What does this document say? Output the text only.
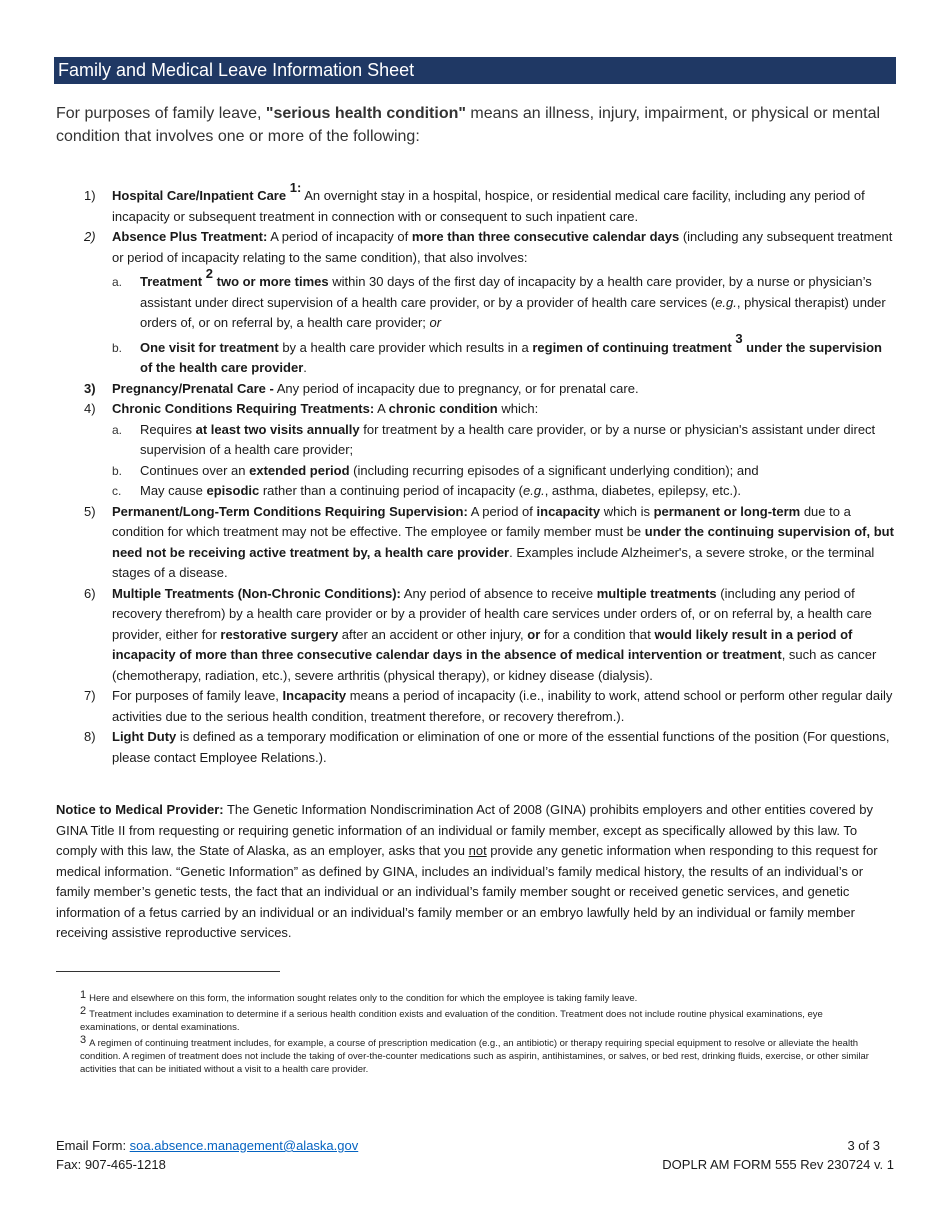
Family and Medical Leave Information Sheet
For purposes of family leave, "serious health condition" means an illness, injury, impairment, or physical or mental condition that involves one or more of the following:
1) Hospital Care/Inpatient Care $^{1:}$ An overnight stay in a hospital, hospice, or residential medical care facility, including any period of incapacity or subsequent treatment in connection with or consequent to such inpatient care.
2) Absence Plus Treatment: A period of incapacity of more than three consecutive calendar days (including any subsequent treatment or period of incapacity relating to the same condition), that also involves:
a. Treatment $^2$ two or more times within 30 days of the first day of incapacity by a health care provider, by a nurse or physician’s assistant under direct supervision of a health care provider, or by a provider of health care services (e.g., physical therapist) under orders of, or on referral by, a health care provider; or
b. One visit for treatment by a health care provider which results in a regimen of continuing treatment $^3$ under the supervision of the health care provider.
3) Pregnancy/Prenatal Care - Any period of incapacity due to pregnancy, or for prenatal care.
4) Chronic Conditions Requiring Treatments: A chronic condition which:
a. Requires at least two visits annually for treatment by a health care provider, or by a nurse or physician's assistant under direct supervision of a health care provider;
b. Continues over an extended period (including recurring episodes of a significant underlying condition); and
c. May cause episodic rather than a continuing period of incapacity (e.g., asthma, diabetes, epilepsy, etc.).
5) Permanent/Long-Term Conditions Requiring Supervision: A period of incapacity which is permanent or long-term due to a condition for which treatment may not be effective. The employee or family member must be under the continuing supervision of, but need not be receiving active treatment by, a health care provider. Examples include Alzheimer's, a severe stroke, or the terminal stages of a disease.
6) Multiple Treatments (Non-Chronic Conditions): Any period of absence to receive multiple treatments (including any period of recovery therefrom) by a health care provider or by a provider of health care services under orders of, or on referral by, a health care provider, either for restorative surgery after an accident or other injury, or for a condition that would likely result in a period of incapacity of more than three consecutive calendar days in the absence of medical intervention or treatment, such as cancer (chemotherapy, radiation, etc.), severe arthritis (physical therapy), or kidney disease (dialysis).
7) For purposes of family leave, Incapacity means a period of incapacity (i.e., inability to work, attend school or perform other regular daily activities due to the serious health condition, treatment therefore, or recovery therefrom.).
8) Light Duty is defined as a temporary modification or elimination of one or more of the essential functions of the position (For questions, please contact Employee Relations.).
Notice to Medical Provider: The Genetic Information Nondiscrimination Act of 2008 (GINA) prohibits employers and other entities covered by GINA Title II from requesting or requiring genetic information of an individual or family member, except as specifically allowed by this law. To comply with this law, the State of Alaska, as an employer, asks that you not provide any genetic information when responding to this request for medical information. “Genetic Information” as defined by GINA, includes an individual’s family medical history, the results of an individual’s or family member’s genetic tests, the fact that an individual or an individual’s family member sought or received genetic services, and genetic information of a fetus carried by an individual or an individual’s family member or an embryo lawfully held by an individual or family member receiving assistive reproductive services.
1 Here and elsewhere on this form, the information sought relates only to the condition for which the employee is taking family leave.
2 Treatment includes examination to determine if a serious health condition exists and evaluation of the condition. Treatment does not include routine physical examinations, eye examinations, or dental examinations.
3 A regimen of continuing treatment includes, for example, a course of prescription medication (e.g., an antibiotic) or therapy requiring special equipment to resolve or alleviate the health condition. A regimen of treatment does not include the taking of over-the-counter medications such as aspirin, antihistamines, or salves, or bed rest, drinking fluids, exercise, or other similar activities that can be initiated without a visit to a health care provider.
Email Form: soa.absence.management@alaska.gov
Fax: 907-465-1218
3 of 3
DOPLR AM FORM 555 Rev 230724 v. 1
